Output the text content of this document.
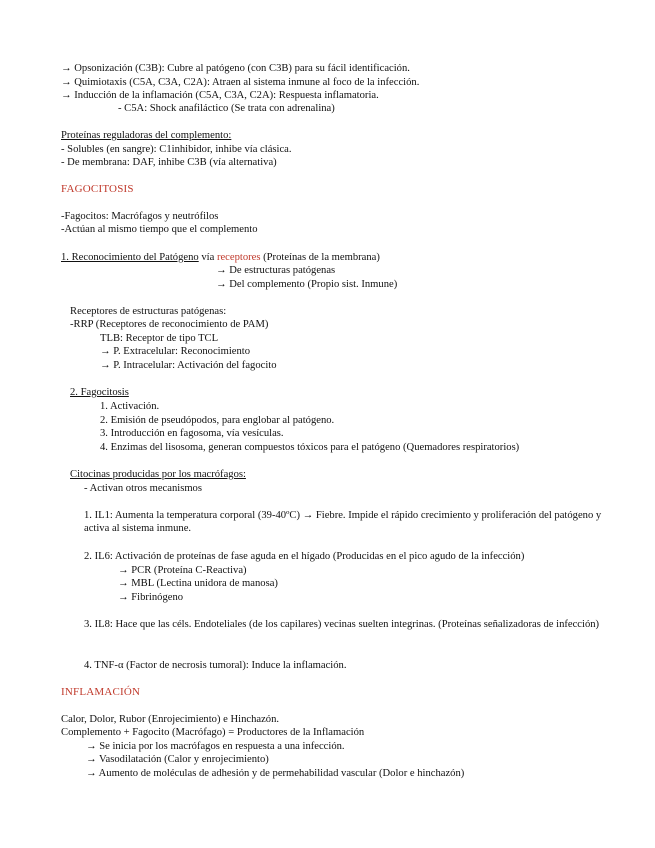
→ Opsonización (C3B): Cubre al patógeno (con C3B) para su fácil identificación.
→ Quimiotaxis (C5A, C3A, C2A): Atraen al sistema inmune al foco de la infección.
→ Inducción de la inflamación (C5A, C3A, C2A): Respuesta inflamatoria.
- C5A: Shock anafiláctico (Se trata con adrenalina)
Proteínas reguladoras del complemento:
- Solubles (en sangre): C1inhibidor, inhibe vía clásica.
- De membrana: DAF, inhibe C3B (vía alternativa)
FAGOCITOSIS
-Fagocitos: Macrófagos y neutrófilos
-Actúan al mismo tiempo que el complemento
1. Reconocimiento del Patógeno vía receptores (Proteínas de la membrana)
→ De estructuras patógenas
→ Del complemento (Propio sist. Inmune)
Receptores de estructuras patógenas:
-RRP (Receptores de reconocimiento de PAM)
TLB: Receptor de tipo TCL
→ P. Extracelular: Reconocimiento
→ P. Intracelular: Activación del fagocito
2. Fagocitosis
1. Activación.
2. Emisión de pseudópodos, para englobar al patógeno.
3. Introducción en fagosoma, vía vesículas.
4. Enzimas del lisosoma, generan compuestos tóxicos para el patógeno (Quemadores respiratorios)
Citocinas producidas por los macrófagos:
- Activan otros mecanismos
1. IL1: Aumenta la temperatura corporal (39-40ºC) → Fiebre. Impide el rápido crecimiento y proliferación del patógeno y activa al sistema inmune.
2. IL6: Activación de proteínas de fase aguda en el hígado (Producidas en el pico agudo de la infección)
→ PCR (Proteína C-Reactiva)
→ MBL (Lectina unidora de manosa)
→ Fibrinógeno
3. IL8: Hace que las céls. Endoteliales (de los capilares) vecinas suelten integrinas. (Proteínas señalizadoras de infección)
4. TNF-α (Factor de necrosis tumoral): Induce la inflamación.
INFLAMACIÓN
Calor, Dolor, Rubor (Enrojecimiento) e Hinchazón.
Complemento + Fagocito (Macrófago) = Productores de la Inflamación
→ Se inicia por los macrófagos en respuesta a una infección.
→ Vasodilatación (Calor y enrojecimiento)
→ Aumento de moléculas de adhesión y de permehabilidad vascular (Dolor e hinchazón)
